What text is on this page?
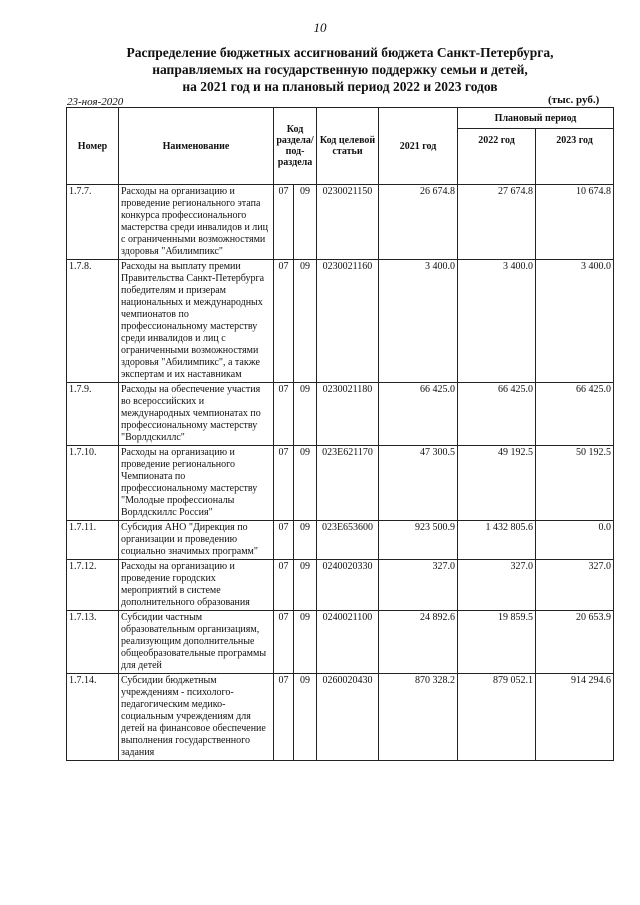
10
Распределение бюджетных ассигнований бюджета Санкт-Петербурга,
направляемых на государственную поддержку семьи и детей,
на 2021 год и на плановый период 2022 и 2023 годов
23-ноя-2020	(тыс. руб.)
Номер	Наименование	Код раздела/ под-раздела		Код целевой статьи	2021 год	Плановый период	
						2022 год	2023 год
1.7.7.	Расходы на организацию и проведение регионального этапа конкурса профессионального мастерства среди инвалидов и лиц с ограниченными возможностями здоровья "Абилимпикс"	07	09	0230021150	26 674.8	27 674.8	10 674.8
1.7.8.	Расходы на выплату премии Правительства Санкт-Петербурга победителям и призерам национальных и международных чемпионатов по профессиональному мастерству среди инвалидов и лиц с ограниченными возможностями здоровья "Абилимпикс", а также экспертам и их наставникам	07	09	0230021160	3 400.0	3 400.0	3 400.0
1.7.9.	Расходы на обеспечение участия во всероссийских и международных чемпионатах по профессиональному мастерству "Ворлдскиллс"	07	09	0230021180	66 425.0	66 425.0	66 425.0
1.7.10.	Расходы на организацию и проведение регионального Чемпионата по профессиональному мастерству "Молодые профессионалы Ворлдскиллс Россия"	07	09	023E621170	47 300.5	49 192.5	50 192.5
1.7.11.	Субсидия АНО "Дирекция по организации и проведению социально значимых программ"	07	09	023E653600	923 500.9	1 432 805.6	0.0
1.7.12.	Расходы на организацию и проведение городских мероприятий в системе дополнительного образования	07	09	0240020330	327.0	327.0	327.0
1.7.13.	Субсидии частным образовательным организациям, реализующим дополнительные общеобразовательные программы для детей	07	09	0240021100	24 892.6	19 859.5	20 653.9
1.7.14.	Субсидии бюджетным учреждениям - психолого-педагогическим медико-социальным учреждениям для детей на финансовое обеспечение выполнения государственного задания	07	09	0260020430	870 328.2	879 052.1	914 294.6
